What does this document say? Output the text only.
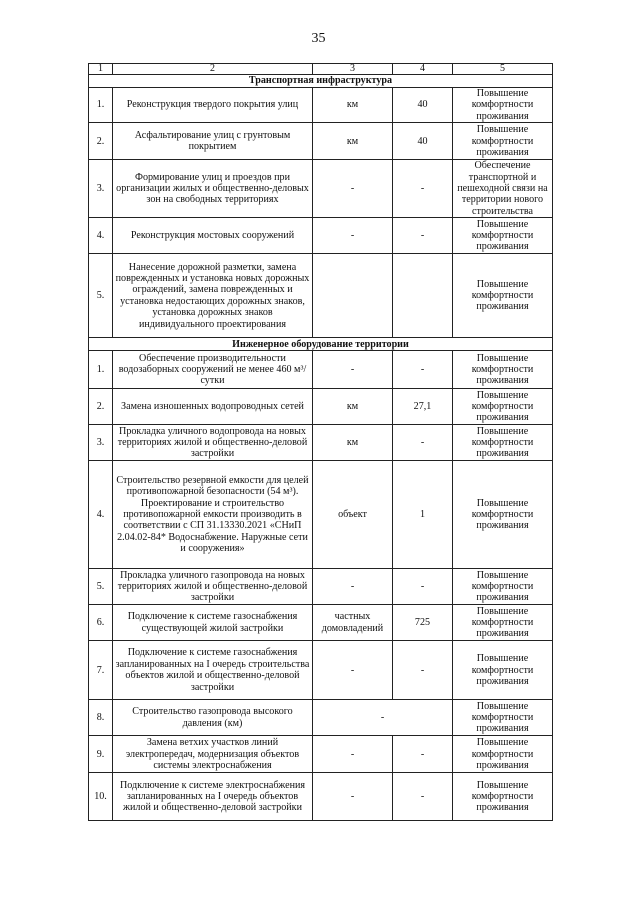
35
1	2	3	4	5
Транспортная инфраструктура				
1.	Реконструкция твердого покрытия улиц	км	40	Повышение комфортности проживания
2.	Асфальтирование улиц с грунтовым покрытием	км	40	Повышение комфортности проживания
3.	Формирование улиц и проездов при организации жилых и общественно-деловых зон на свободных территориях	-	-	Обеспечение транспортной и пешеходной связи на территории нового строительства
4.	Реконструкция мостовых сооружений	-	-	Повышение комфортности проживания
5.	Нанесение дорожной разметки, замена поврежденных и установка новых дорожных ограждений, замена поврежденных и установка недостающих дорожных знаков, установка дорожных знаков индивидуального проектирования			Повышение комфортности проживания
Инженерное оборудование территории				
1.	Обеспечение производительности водозаборных сооружений не менее 460 м³/сутки	-	-	Повышение комфортности проживания
2.	Замена изношенных водопроводных сетей	км	27,1	Повышение комфортности проживания
3.	Прокладка уличного водопровода на новых территориях жилой и общественно-деловой застройки	км	-	Повышение комфортности проживания
4.	Строительство резервной емкости для целей противопожарной безопасности (54 м³). Проектирование и строительство противопожарной емкости производить в соответствии с СП 31.13330.2021 «СНиП 2.04.02-84* Водоснабжение. Наружные сети и сооружения»	объект	1	Повышение комфортности проживания
5.	Прокладка уличного газопровода на новых территориях жилой и общественно-деловой застройки	-	-	Повышение комфортности проживания
6.	Подключение к системе газоснабжения существующей жилой застройки	частных домовладений	725	Повышение комфортности проживания
7.	Подключение к системе газоснабжения запланированных на I очередь строительства объектов жилой и общественно-деловой застройки	-	-	Повышение комфортности проживания
8.	Строительство газопровода высокого давления (км)	-		Повышение комфортности проживания
9.	Замена ветхих участков линий электропередач, модернизация объектов системы электроснабжения	-	-	Повышение комфортности проживания
10.	Подключение к системе электроснабжения запланированных на I очередь объектов жилой и общественно-деловой застройки	-	-	Повышение комфортности проживания
